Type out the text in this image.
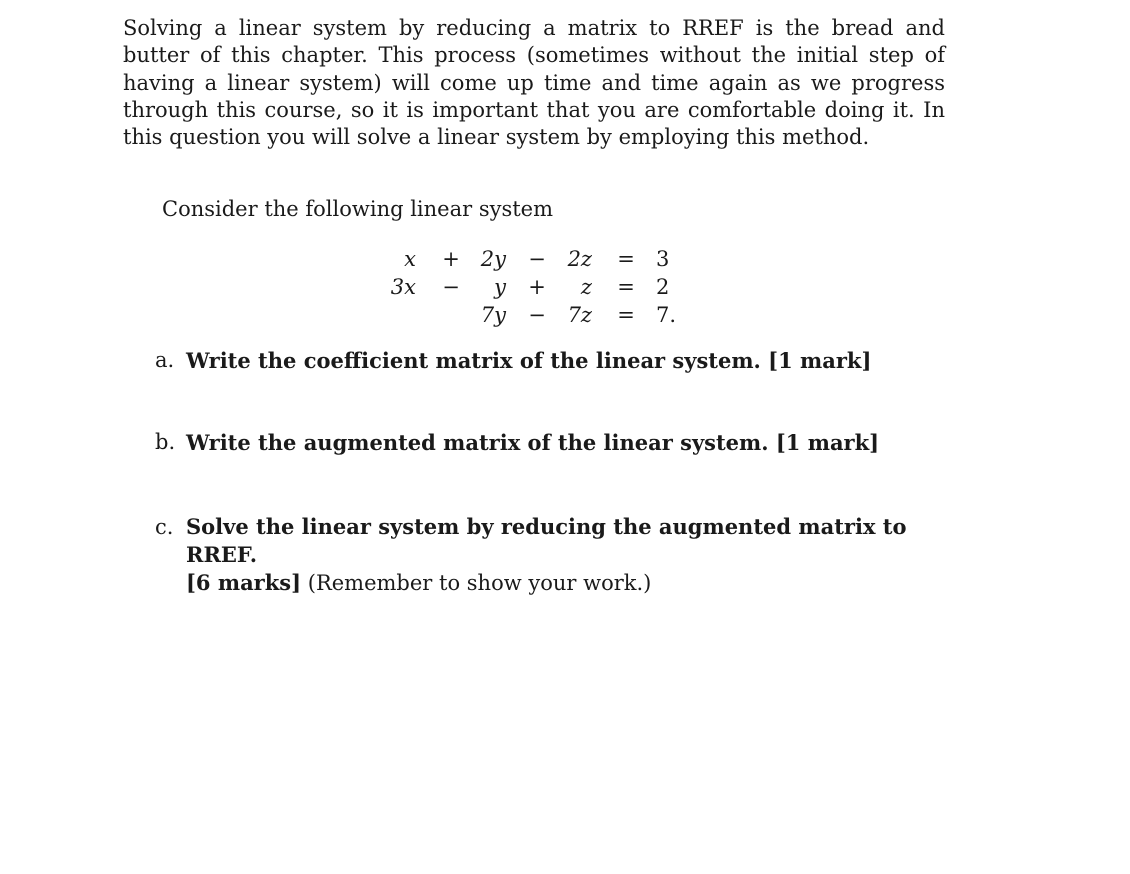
Solving a linear system by reducing a matrix to RREF is the bread and butter of this chapter. This process (sometimes without the initial step of having a linear system) will come up time and time again as we progress through this course, so it is important that you are comfortable doing it. In this question you will solve a linear system by employing this method.

Consider the following linear system

x + 2y − 2z = 3
3x − y + z = 2
7y − 7z = 7.
a. Write the coefficient matrix of the linear system. [1 mark]
b. Write the augmented matrix of the linear system. [1 mark]
c. Solve the linear system by reducing the augmented matrix to RREF.
[6 marks] (Remember to show your work.)
